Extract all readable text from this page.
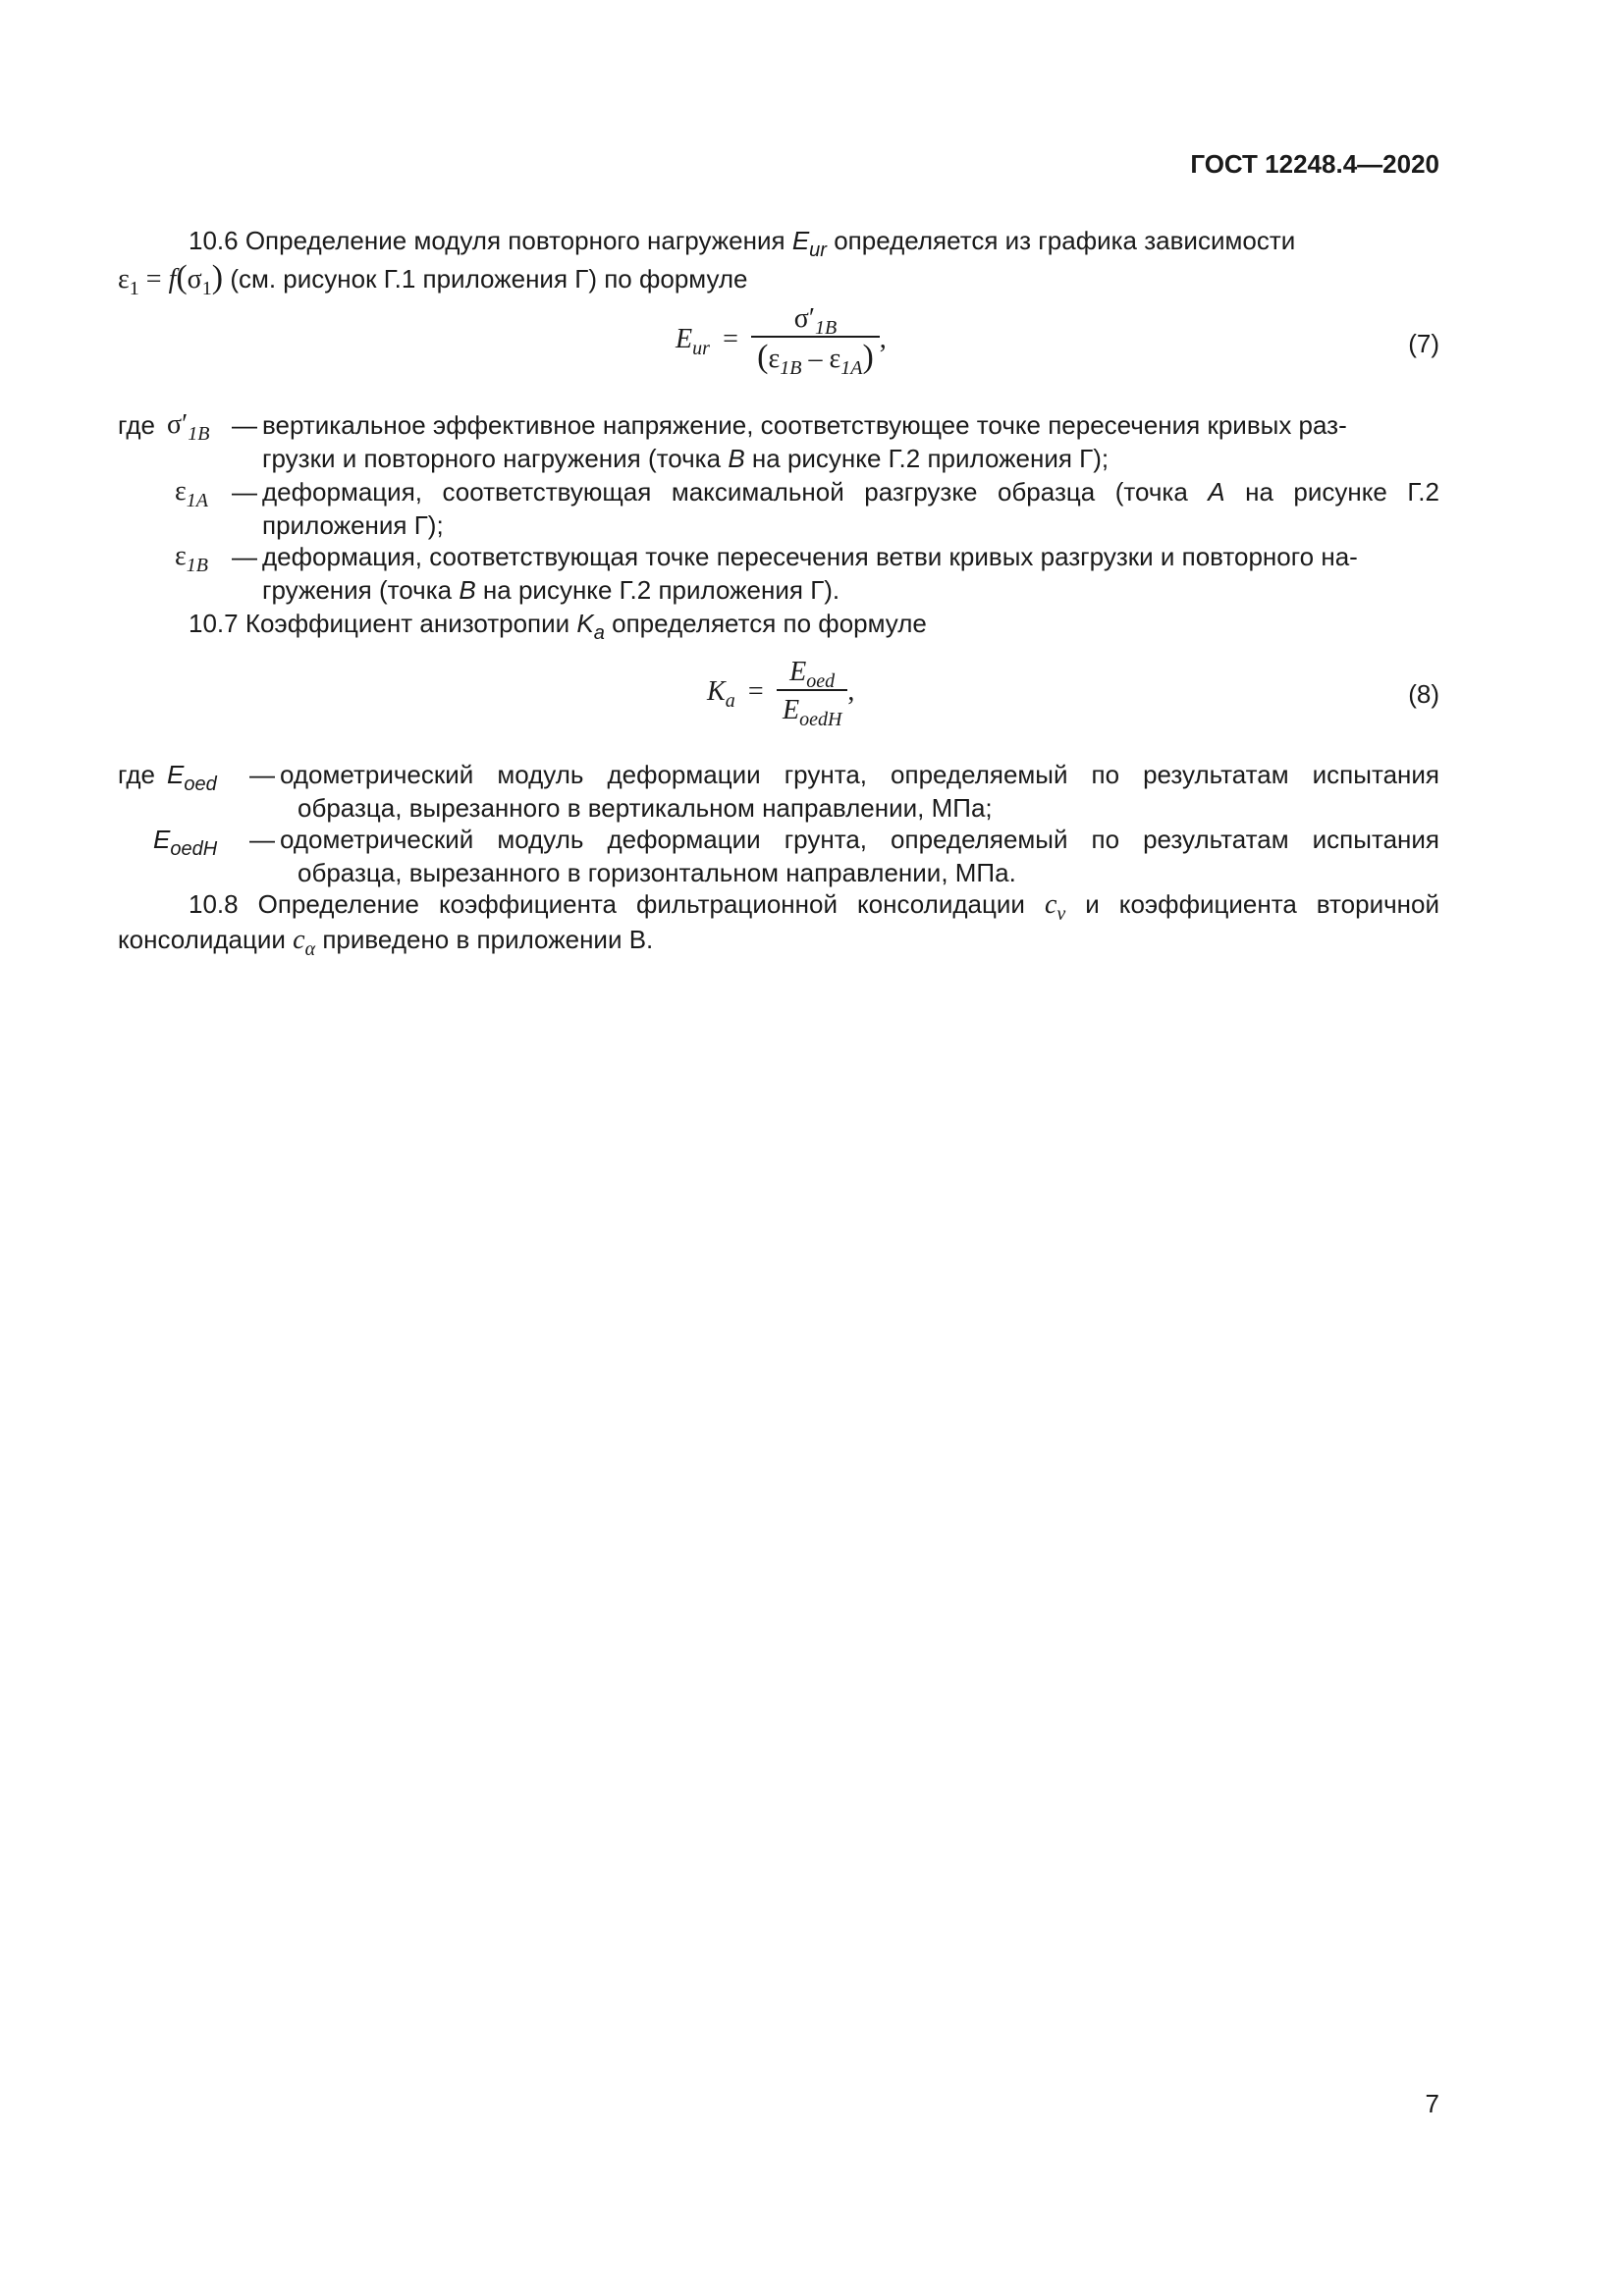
ГОСТ 12248.4—2020
10.6 Определение модуля повторного нагружения $E_{ur}$ определяется из графика зависимости
$\varepsilon_1 = f(\sigma_1)$ (см. рисунок Г.1 приложения Г) по формуле
$E_{ur} = \frac{\sigma'_{1B}}{(\varepsilon_{1B} - \varepsilon_{1A})}$ ,	(7)
где $\sigma'_{1B}$ — вертикальное эффективное напряжение, соответствующее точке пересечения кривых раз-
грузки и повторного нагружения (точка B на рисунке Г.2 приложения Г);
$\varepsilon_{1A}$ — деформация, соответствующая максимальной разгрузке образца (точка A на рисунке Г.2
приложения Г);
$\varepsilon_{1B}$ — деформация, соответствующая точке пересечения ветви кривых разгрузки и повторного на-
гружения (точка B на рисунке Г.2 приложения Г).
10.7 Коэффициент анизотропии $K_a$ определяется по формуле
$K_a = \frac{E_{oed}}{E_{oedH}}$ ,	(8)
где $E_{oed}$ — одометрический модуль деформации грунта, определяемый по результатам испытания
образца, вырезанного в вертикальном направлении, МПа;
$E_{oedH}$ — одометрический модуль деформации грунта, определяемый по результатам испытания
образца, вырезанного в горизонтальном направлении, МПа.
10.8 Определение коэффициента фильтрационной консолидации $c_v$ и коэффициента вторичной
консолидации $c_\alpha$ приведено в приложении В.
7
